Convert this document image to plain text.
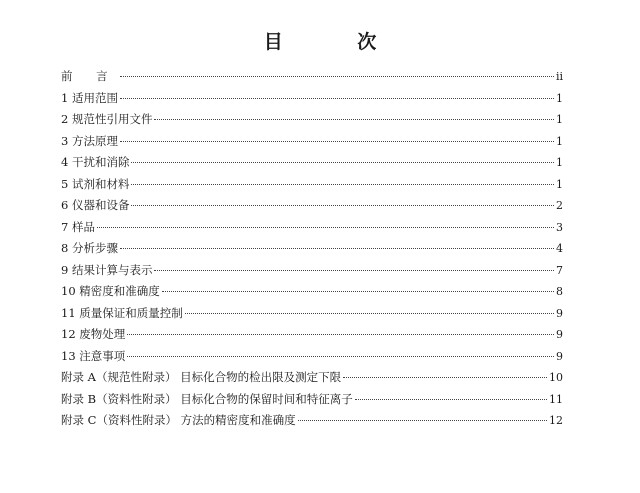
目 次
前 言	ii
1 适用范围	1
2 规范性引用文件	1
3 方法原理	1
4 干扰和消除	1
5 试剂和材料	1
6 仪器和设备	2
7 样品	3
8 分析步骤	4
9 结果计算与表示	7
10 精密度和准确度	8
11 质量保证和质量控制	9
12 废物处理	9
13 注意事项	9
附录 A（规范性附录） 目标化合物的检出限及测定下限	10
附录 B（资料性附录） 目标化合物的保留时间和特征离子	11
附录 C（资料性附录） 方法的精密度和准确度	12
